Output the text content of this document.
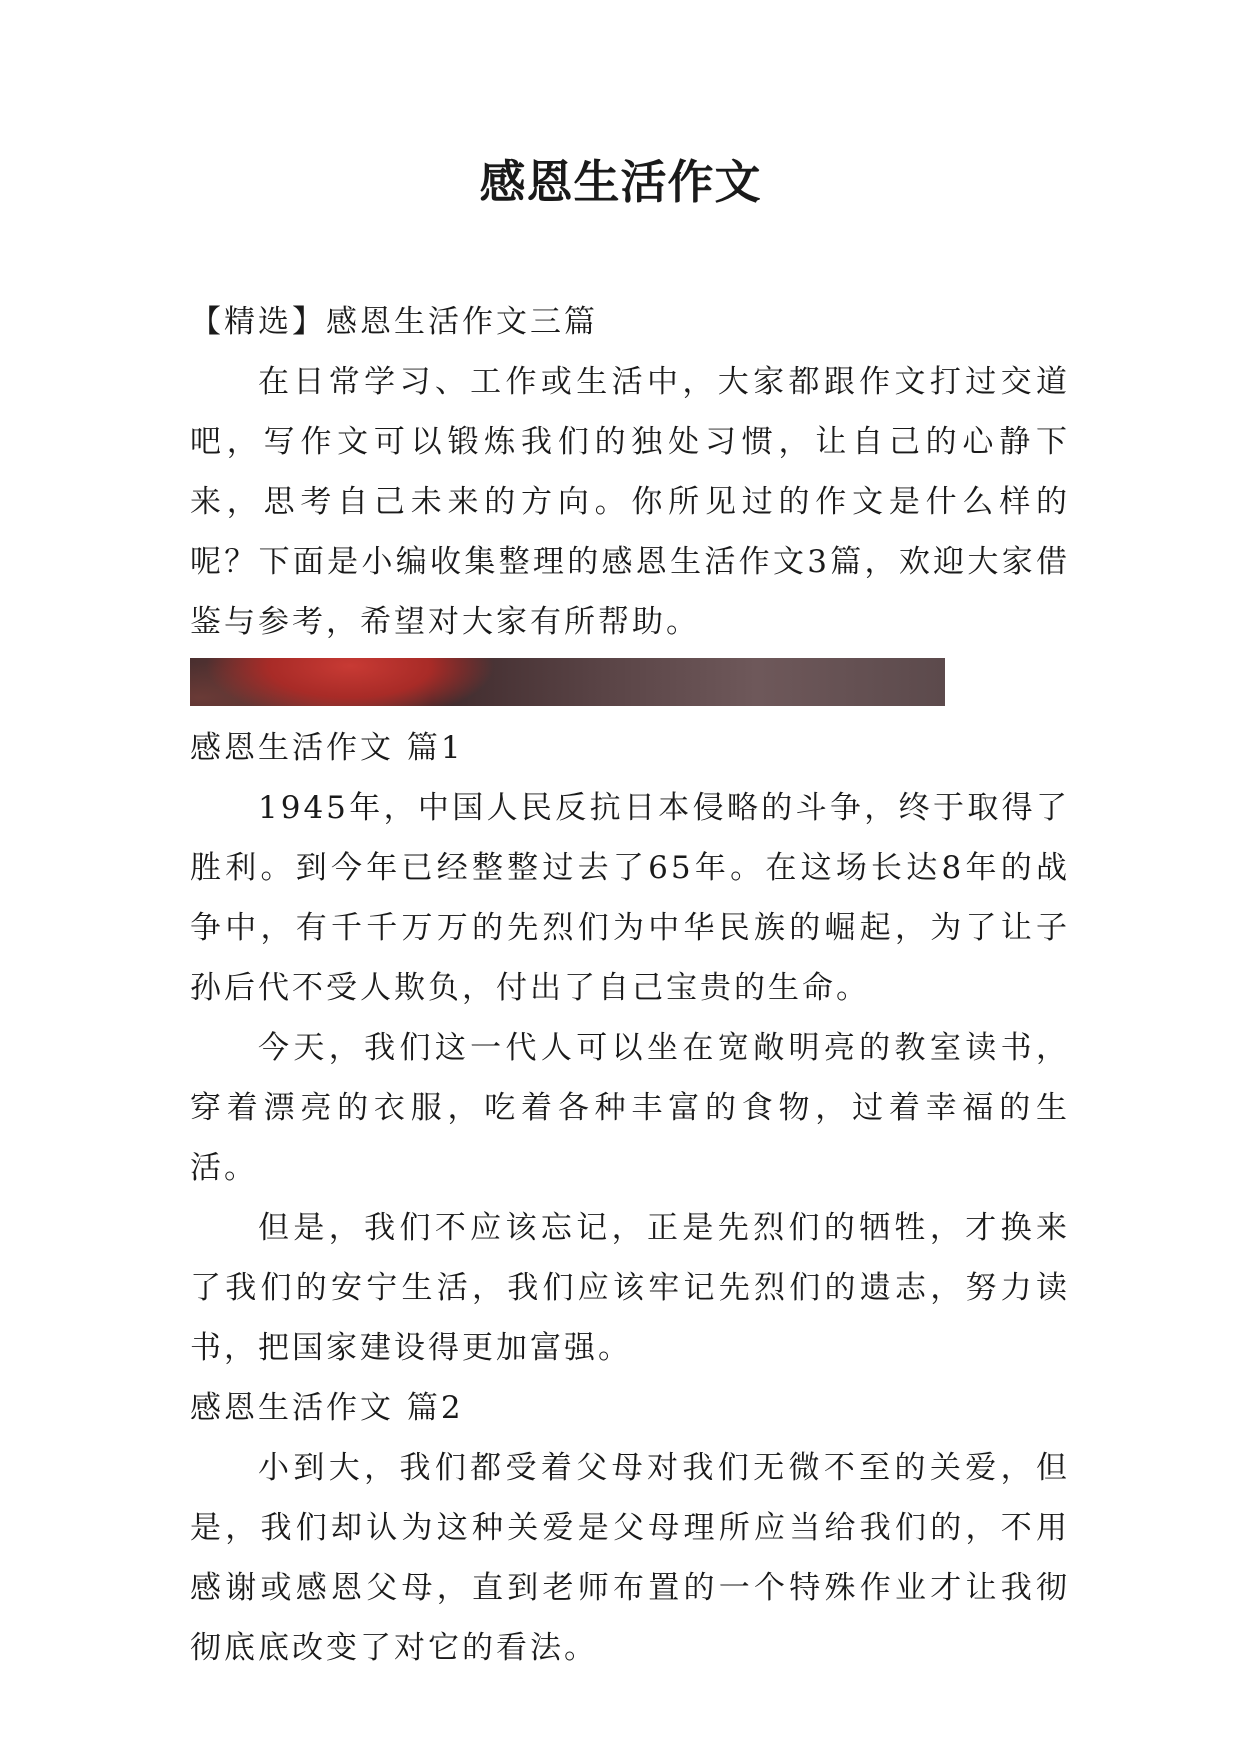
感恩生活作文
【精选】感恩生活作文三篇

在日常学习、工作或生活中，大家都跟作文打过交道吧，写作文可以锻炼我们的独处习惯，让自己的心静下来，思考自己未来的方向。你所见过的作文是什么样的呢？下面是小编收集整理的感恩生活作文3篇，欢迎大家借鉴与参考，希望对大家有所帮助。

感恩生活作文 篇1

1945年，中国人民反抗日本侵略的斗争，终于取得了胜利。到今年已经整整过去了65年。在这场长达8年的战争中，有千千万万的先烈们为中华民族的崛起，为了让子孙后代不受人欺负，付出了自己宝贵的生命。

今天，我们这一代人可以坐在宽敞明亮的教室读书，穿着漂亮的衣服，吃着各种丰富的食物，过着幸福的生活。

但是，我们不应该忘记，正是先烈们的牺牲，才换来了我们的安宁生活，我们应该牢记先烈们的遗志，努力读书，把国家建设得更加富强。

感恩生活作文 篇2

小到大，我们都受着父母对我们无微不至的关爱，但是，我们却认为这种关爱是父母理所应当给我们的，不用感谢或感恩父母，直到老师布置的一个特殊作业才让我彻彻底底改变了对它的看法。
